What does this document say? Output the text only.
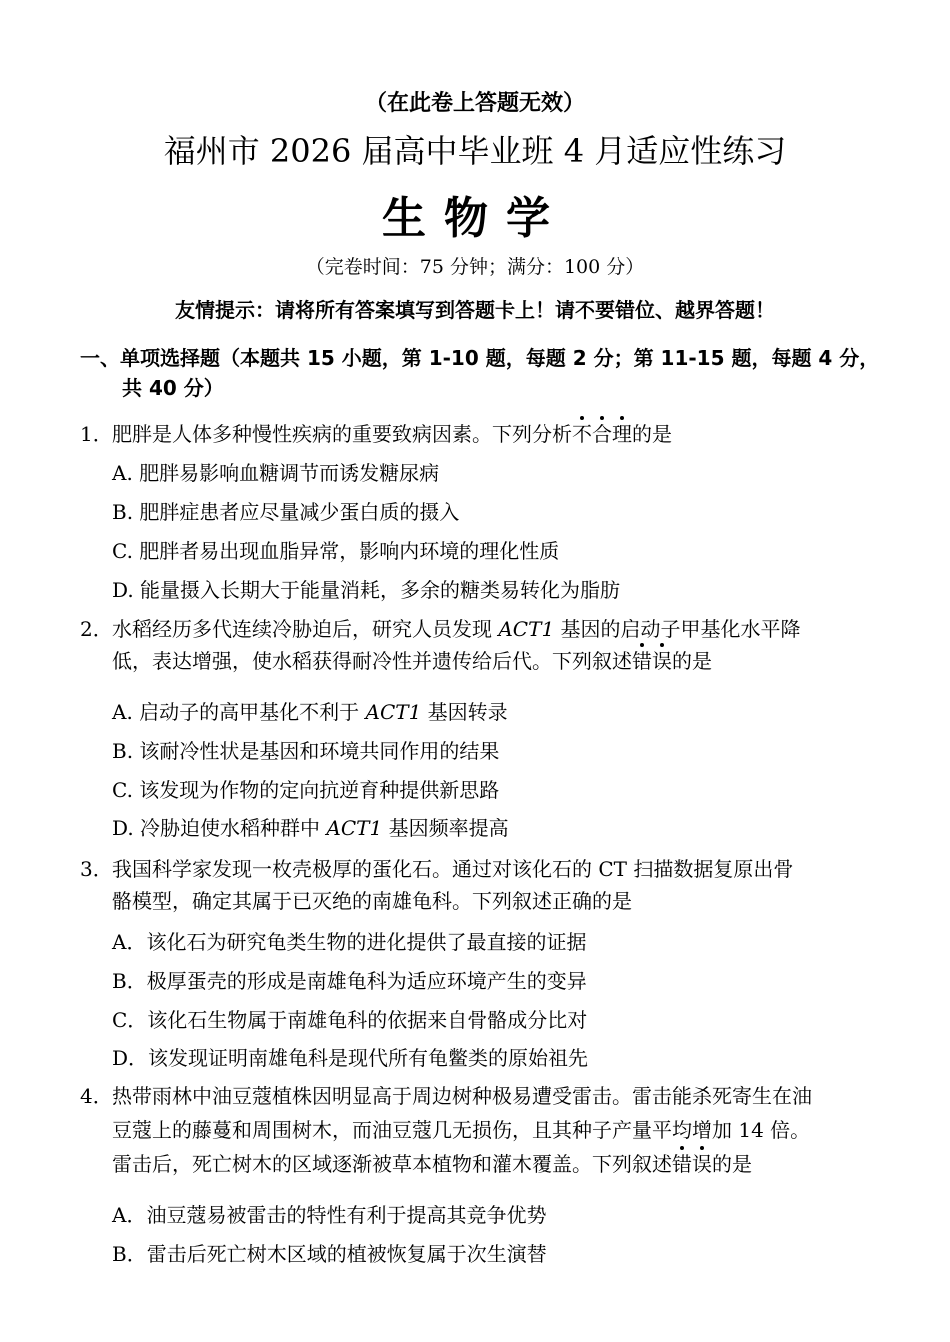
（在此卷上答题无效）
福州市 2026 届高中毕业班 4 月适应性练习
生物学
（完卷时间：75 分钟；满分：100 分）
友情提示：请将所有答案填写到答题卡上！请不要错位、越界答题！
一、单项选择题（本题共 15 小题，第 1-10 题，每题 2 分；第 11-15 题，每题 4 分，
共 40 分）
1． 肥胖是人体多种慢性疾病的重要致病因素。下列分析不合理的是
A. 肥胖易影响血糖调节而诱发糖尿病
B. 肥胖症患者应尽量减少蛋白质的摄入
C. 肥胖者易出现血脂异常，影响内环境的理化性质
D. 能量摄入长期大于能量消耗，多余的糖类易转化为脂肪
2． 水稻经历多代连续冷胁迫后，研究人员发现 ACT1 基因的启动子甲基化水平降
低，表达增强，使水稻获得耐冷性并遗传给后代。下列叙述错误的是
A. 启动子的高甲基化不利于 ACT1 基因转录
B. 该耐冷性状是基因和环境共同作用的结果
C. 该发现为作物的定向抗逆育种提供新思路
D. 冷胁迫使水稻种群中 ACT1 基因频率提高
3． 我国科学家发现一枚壳极厚的蛋化石。通过对该化石的 CT 扫描数据复原出骨
骼模型，确定其属于已灭绝的南雄龟科。下列叙述正确的是
A．该化石为研究龟类生物的进化提供了最直接的证据
B．极厚蛋壳的形成是南雄龟科为适应环境产生的变异
C．该化石生物属于南雄龟科的依据来自骨骼成分比对
D．该发现证明南雄龟科是现代所有龟鳖类的原始祖先
4． 热带雨林中油豆蔻植株因明显高于周边树种极易遭受雷击。雷击能杀死寄生在油
豆蔻上的藤蔓和周围树木，而油豆蔻几无损伤，且其种子产量平均增加 14 倍。
雷击后，死亡树木的区域逐渐被草本植物和灌木覆盖。下列叙述错误的是
A．油豆蔻易被雷击的特性有利于提高其竞争优势
B．雷击后死亡树木区域的植被恢复属于次生演替
